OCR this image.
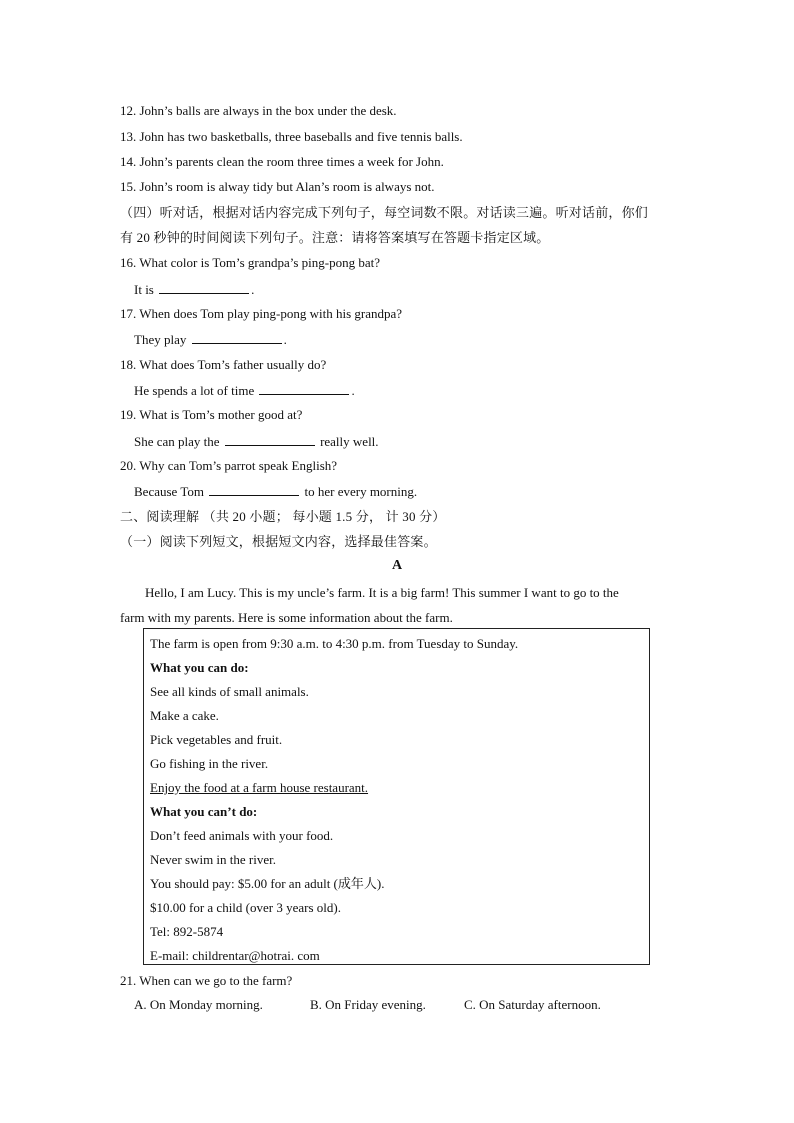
12. John’s balls are always in the box under the desk.
13. John has two basketballs, three baseballs and five tennis balls.
14. John’s parents clean the room three times a week for John.
15. John’s room is alway tidy but Alan’s room is always not.
（四）听对话，根据对话内容完成下列句子，每空词数不限。对话读三遍。听对话前，你们
有 20 秒钟的时间阅读下列句子。注意：请将答案填写在答题卡指定区域。
16. What color is Tom’s grandpa’s ping-pong bat?
It is	.
17. When does Tom play ping-pong with his grandpa?
They play	.
18. What does Tom’s father usually do?
He spends a lot of time	.
19. What is Tom’s mother good at?
She can play the	really well.
20. Why can Tom’s parrot speak English?
Because Tom	to her every morning.
二、阅读理解 （共 20 小题； 每小题 1.5 分， 计 30 分）
（一）阅读下列短文，根据短文内容，选择最佳答案。
A
Hello, I am Lucy. This is my uncle’s farm. It is a big farm! This summer I want to go to the
farm with my parents. Here is some information about the farm.
The farm is open from 9:30 a.m. to 4:30 p.m. from Tuesday to Sunday.
What you can do:
See all kinds of small animals.
Make a cake.
Pick vegetables and fruit.
Go fishing in the river.
Enjoy the food at a farm house restaurant.
What you can’t do:
Don’t feed animals with your food.
Never swim in the river.
You should pay: $5.00 for an adult (成年人).
$10.00 for a child (over 3 years old).
Tel: 892-5874
E-mail: childrentar@hotrai. com
21. When can we go to the farm?
A. On Monday morning.	B. On Friday evening.	C. On Saturday afternoon.
